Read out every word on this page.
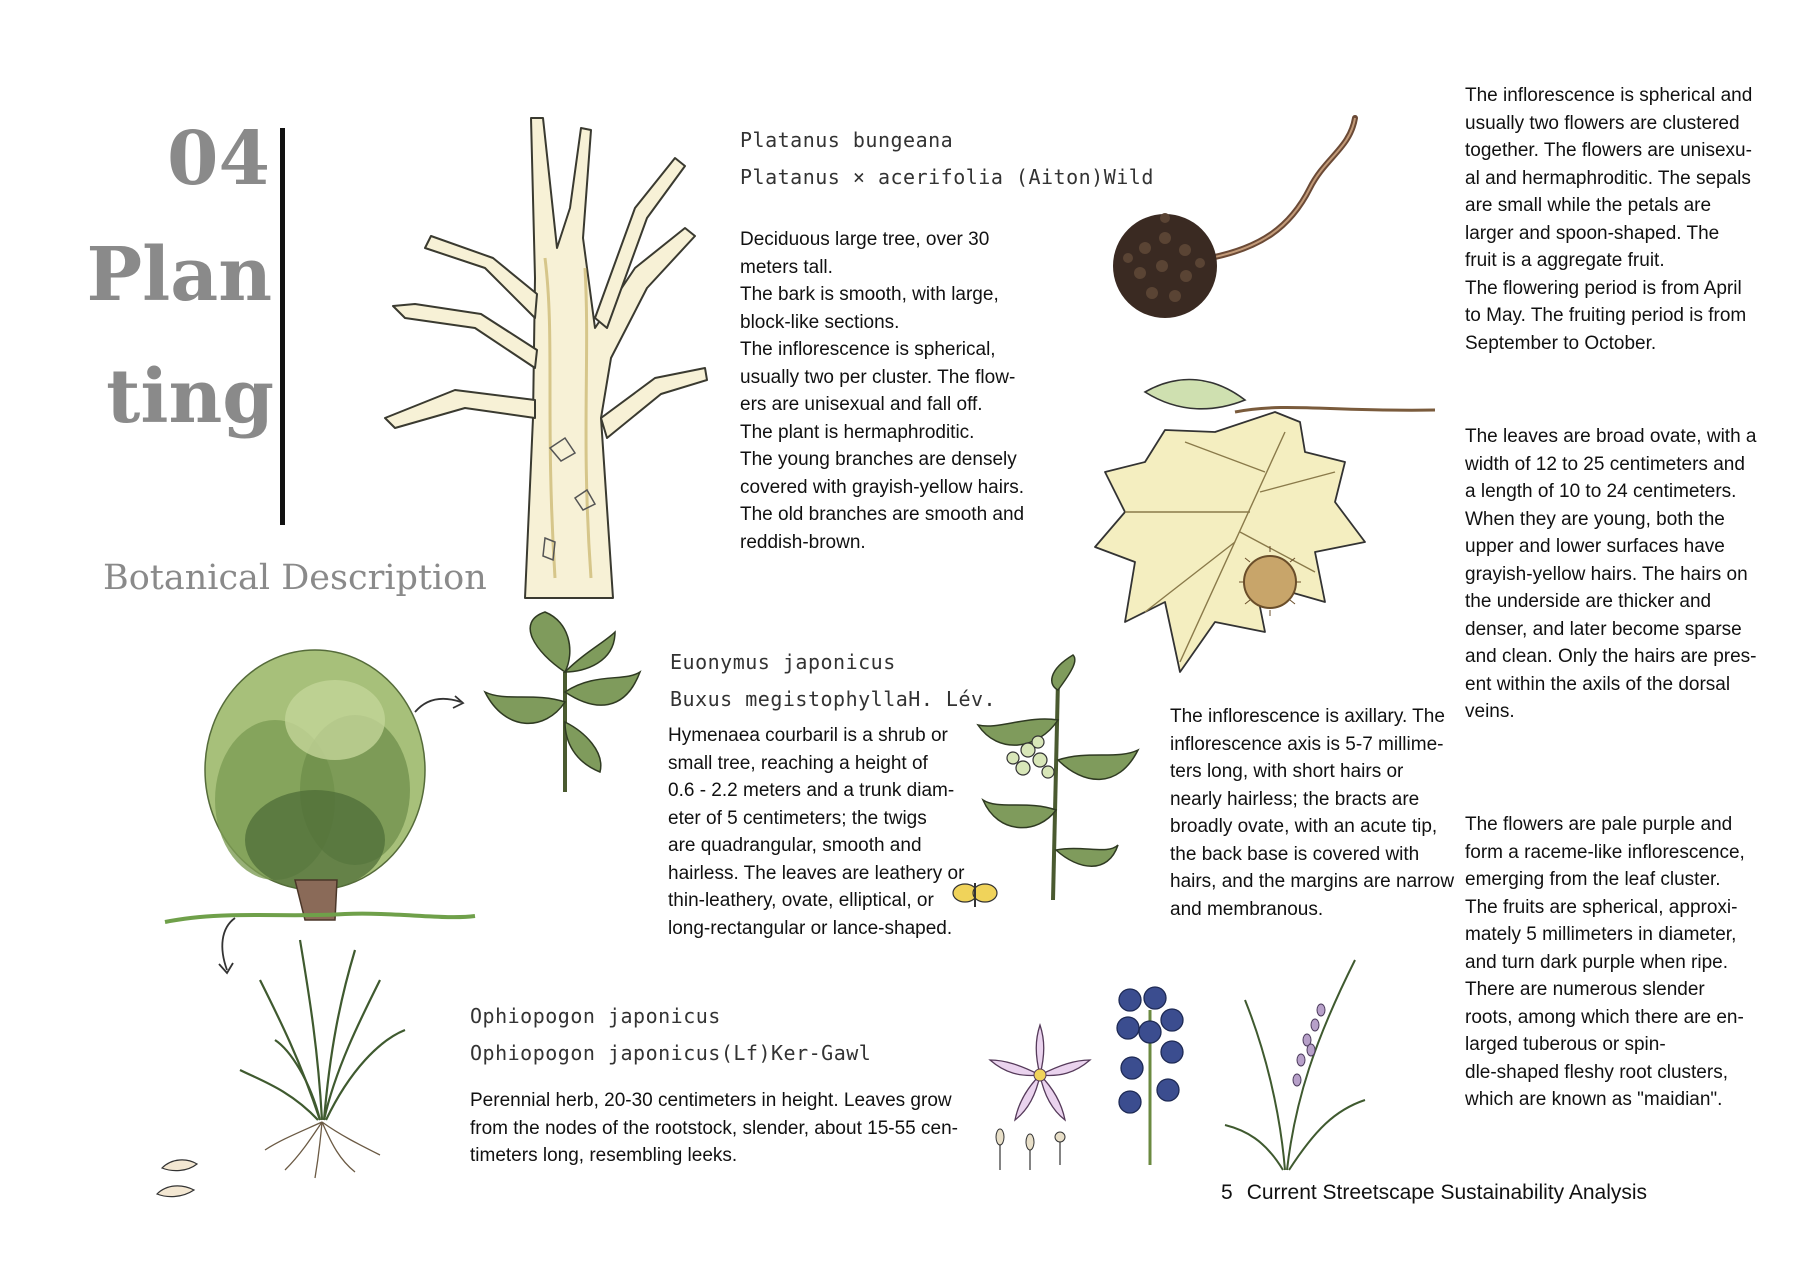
04
Plan
ting
Botanical Description
Platanus bungeana
Platanus × acerifolia (Aiton)Wild

Deciduous large tree, over 30

meters tall.

The bark is smooth, with large,

block-like sections.

The inflorescence is spherical,

usually two per cluster. The flow-

ers are unisexual and fall off.

The plant is hermaphroditic.

The young branches are densely

covered with grayish-yellow hairs.

The old branches are smooth and

reddish-brown.

The inflorescence is spherical and

usually two flowers are clustered

together. The flowers are unisexu-

al and hermaphroditic. The sepals

are small while the petals are

larger and spoon-shaped. The

fruit is a aggregate fruit.

The flowering period is from April

to May. The fruiting period is from

September to October.

The leaves are broad ovate, with a

width of 12 to 25 centimeters and

a length of 10 to 24 centimeters.

When they are young, both the

upper and lower surfaces have

grayish-yellow hairs. The hairs on

the underside are thicker and

denser, and later become sparse

and clean. Only the hairs are pres-

ent within the axils of the dorsal

veins.

Euonymus japonicus
Buxus megistophyllaH. Lév.

Hymenaea courbaril is a shrub or

small tree, reaching a height of

0.6 - 2.2 meters and a trunk diam-

eter of 5 centimeters; the twigs

are quadrangular, smooth and

hairless. The leaves are leathery or

thin-leathery, ovate, elliptical, or

long-rectangular or lance-shaped.

The inflorescence is axillary. The

inflorescence axis is 5-7 millime-

ters long, with short hairs or

nearly hairless; the bracts are

broadly ovate, with an acute tip,

the back base is covered with

hairs, and the margins are narrow

and membranous.

Ophiopogon japonicus
Ophiopogon japonicus(Lf)Ker-Gawl

Perennial herb, 20-30 centimeters in height. Leaves grow

from the nodes of the rootstock, slender, about 15-55 cen-

timeters long, resembling leeks.

The flowers are pale purple and

form a raceme-like inflorescence,

emerging from the leaf cluster.

The fruits are spherical, approxi-

mately 5 millimeters in diameter,

and turn dark purple when ripe.

There are numerous slender

roots, among which there are en-

larged tuberous or spin-

dle-shaped fleshy root clusters,

which are known as "maidian".

5 Current Streetscape Sustainability Analysis
